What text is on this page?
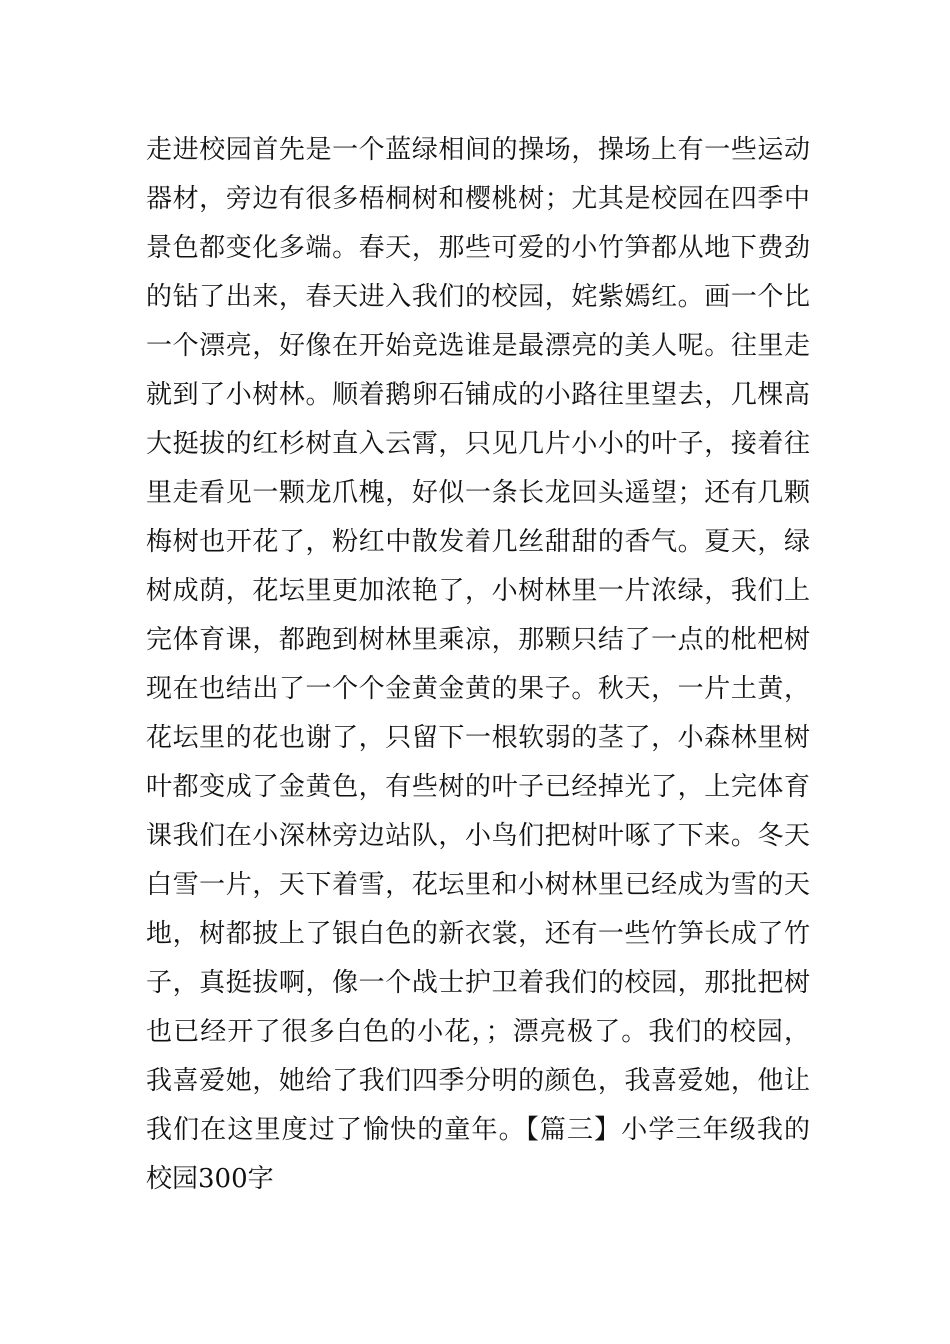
走进校园首先是一个蓝绿相间的操场，操场上有一些运动
器材，旁边有很多梧桐树和樱桃树；尤其是校园在四季中
景色都变化多端。春天，那些可爱的小竹笋都从地下费劲
的钻了出来，春天进入我们的校园，姹紫嫣红。画一个比
一个漂亮，好像在开始竞选谁是最漂亮的美人呢。往里走
就到了小树林。顺着鹅卵石铺成的小路往里望去，几棵高
大挺拔的红杉树直入云霄，只见几片小小的叶子，接着往
里走看见一颗龙爪槐，好似一条长龙回头遥望；还有几颗
梅树也开花了，粉红中散发着几丝甜甜的香气。夏天，绿
树成荫，花坛里更加浓艳了，小树林里一片浓绿，我们上
完体育课，都跑到树林里乘凉，那颗只结了一点的枇杷树
现在也结出了一个个金黄金黄的果子。秋天，一片土黄，
花坛里的花也谢了，只留下一根软弱的茎了，小森林里树
叶都变成了金黄色，有些树的叶子已经掉光了，上完体育
课我们在小深林旁边站队，小鸟们把树叶啄了下来。冬天
白雪一片，天下着雪，花坛里和小树林里已经成为雪的天
地，树都披上了银白色的新衣裳，还有一些竹笋长成了竹
子，真挺拔啊，像一个战士护卫着我们的校园，那批把树
也已经开了很多白色的小花，；漂亮极了。我们的校园，
我喜爱她，她给了我们四季分明的颜色，我喜爱她，他让
我们在这里度过了愉快的童年。【篇三】小学三年级我的
校园300字
